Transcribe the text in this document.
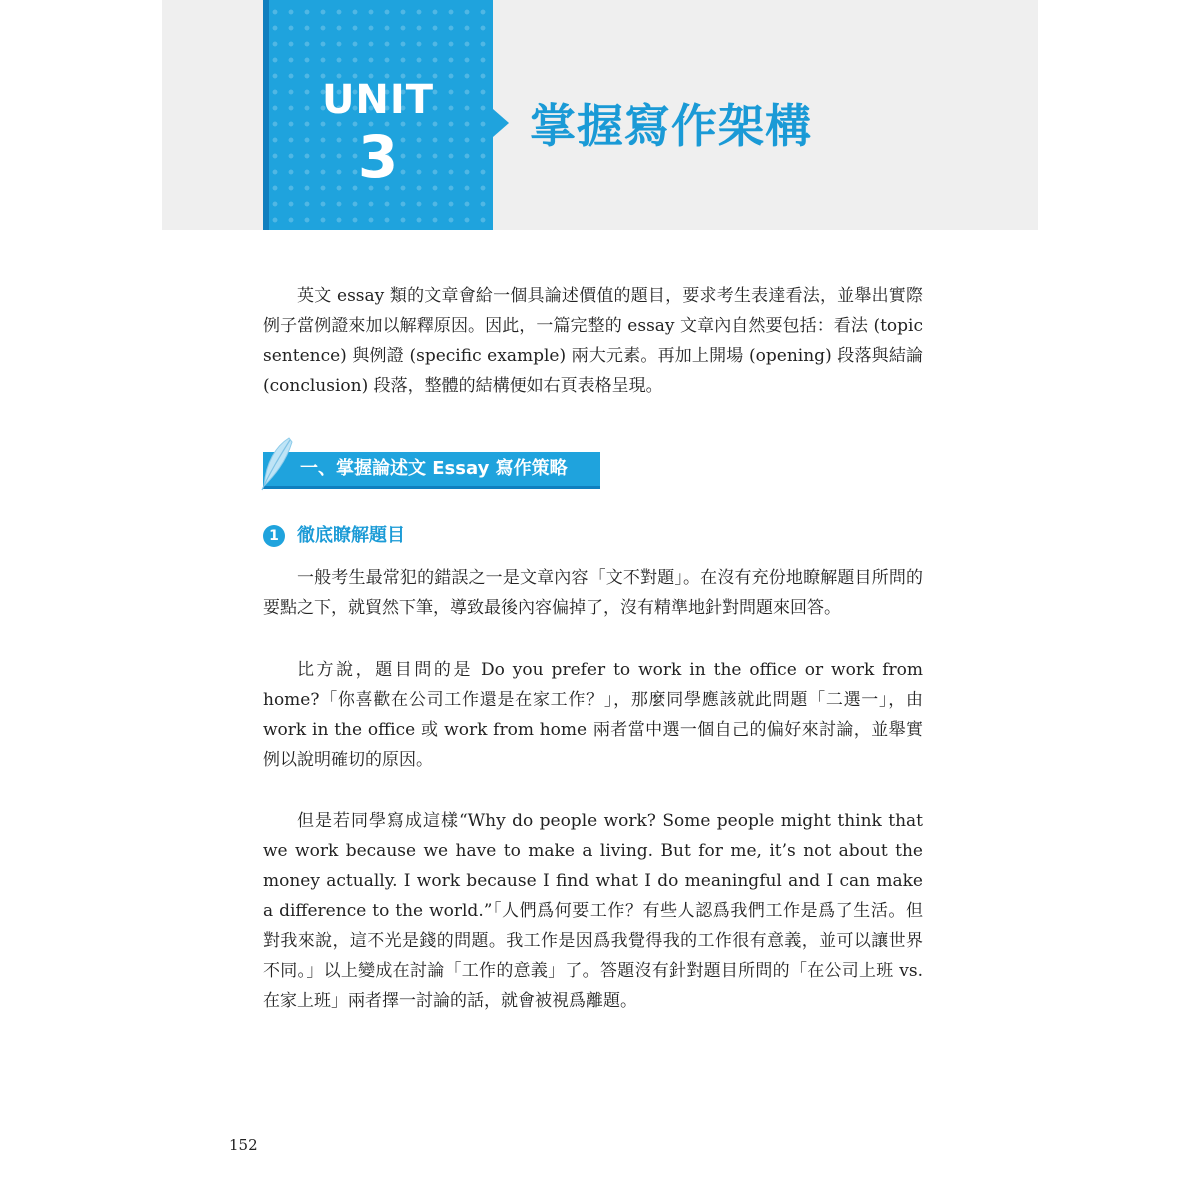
UNIT
3	掌握寫作架構

英文 essay 類的文章會給一個具論述價值的題目，要求考生表達看法，並舉出實際例子當例證來加以解釋原因。因此，一篇完整的 essay 文章內自然要包括：看法 (topic sentence) 與例證 (specific example) 兩大元素。再加上開場 (opening) 段落與結論 (conclusion) 段落，整體的結構便如右頁表格呈現。

一、掌握論述文 Essay 寫作策略
1	徹底瞭解題目

一般考生最常犯的錯誤之一是文章內容「文不對題」。在沒有充份地瞭解題目所問的要點之下，就貿然下筆，導致最後內容偏掉了，沒有精準地針對問題來回答。

比方說，題目問的是 Do you prefer to work in the office or work from home?「你喜歡在公司工作還是在家工作？」，那麼同學應該就此問題「二選一」，由 work in the office 或 work from home 兩者當中選一個自己的偏好來討論，並舉實例以說明確切的原因。

但是若同學寫成這樣“Why do people work? Some people might think that we work because we have to make a living. But for me, it’s not about the money actually. I work because I find what I do meaningful and I can make a difference to the world.”「人們爲何要工作？有些人認爲我們工作是爲了生活。但對我來說，這不光是錢的問題。我工作是因爲我覺得我的工作很有意義，並可以讓世界不同。」以上變成在討論「工作的意義」了。答題沒有針對題目所問的「在公司上班 vs. 在家上班」兩者擇一討論的話，就會被視爲離題。

152
